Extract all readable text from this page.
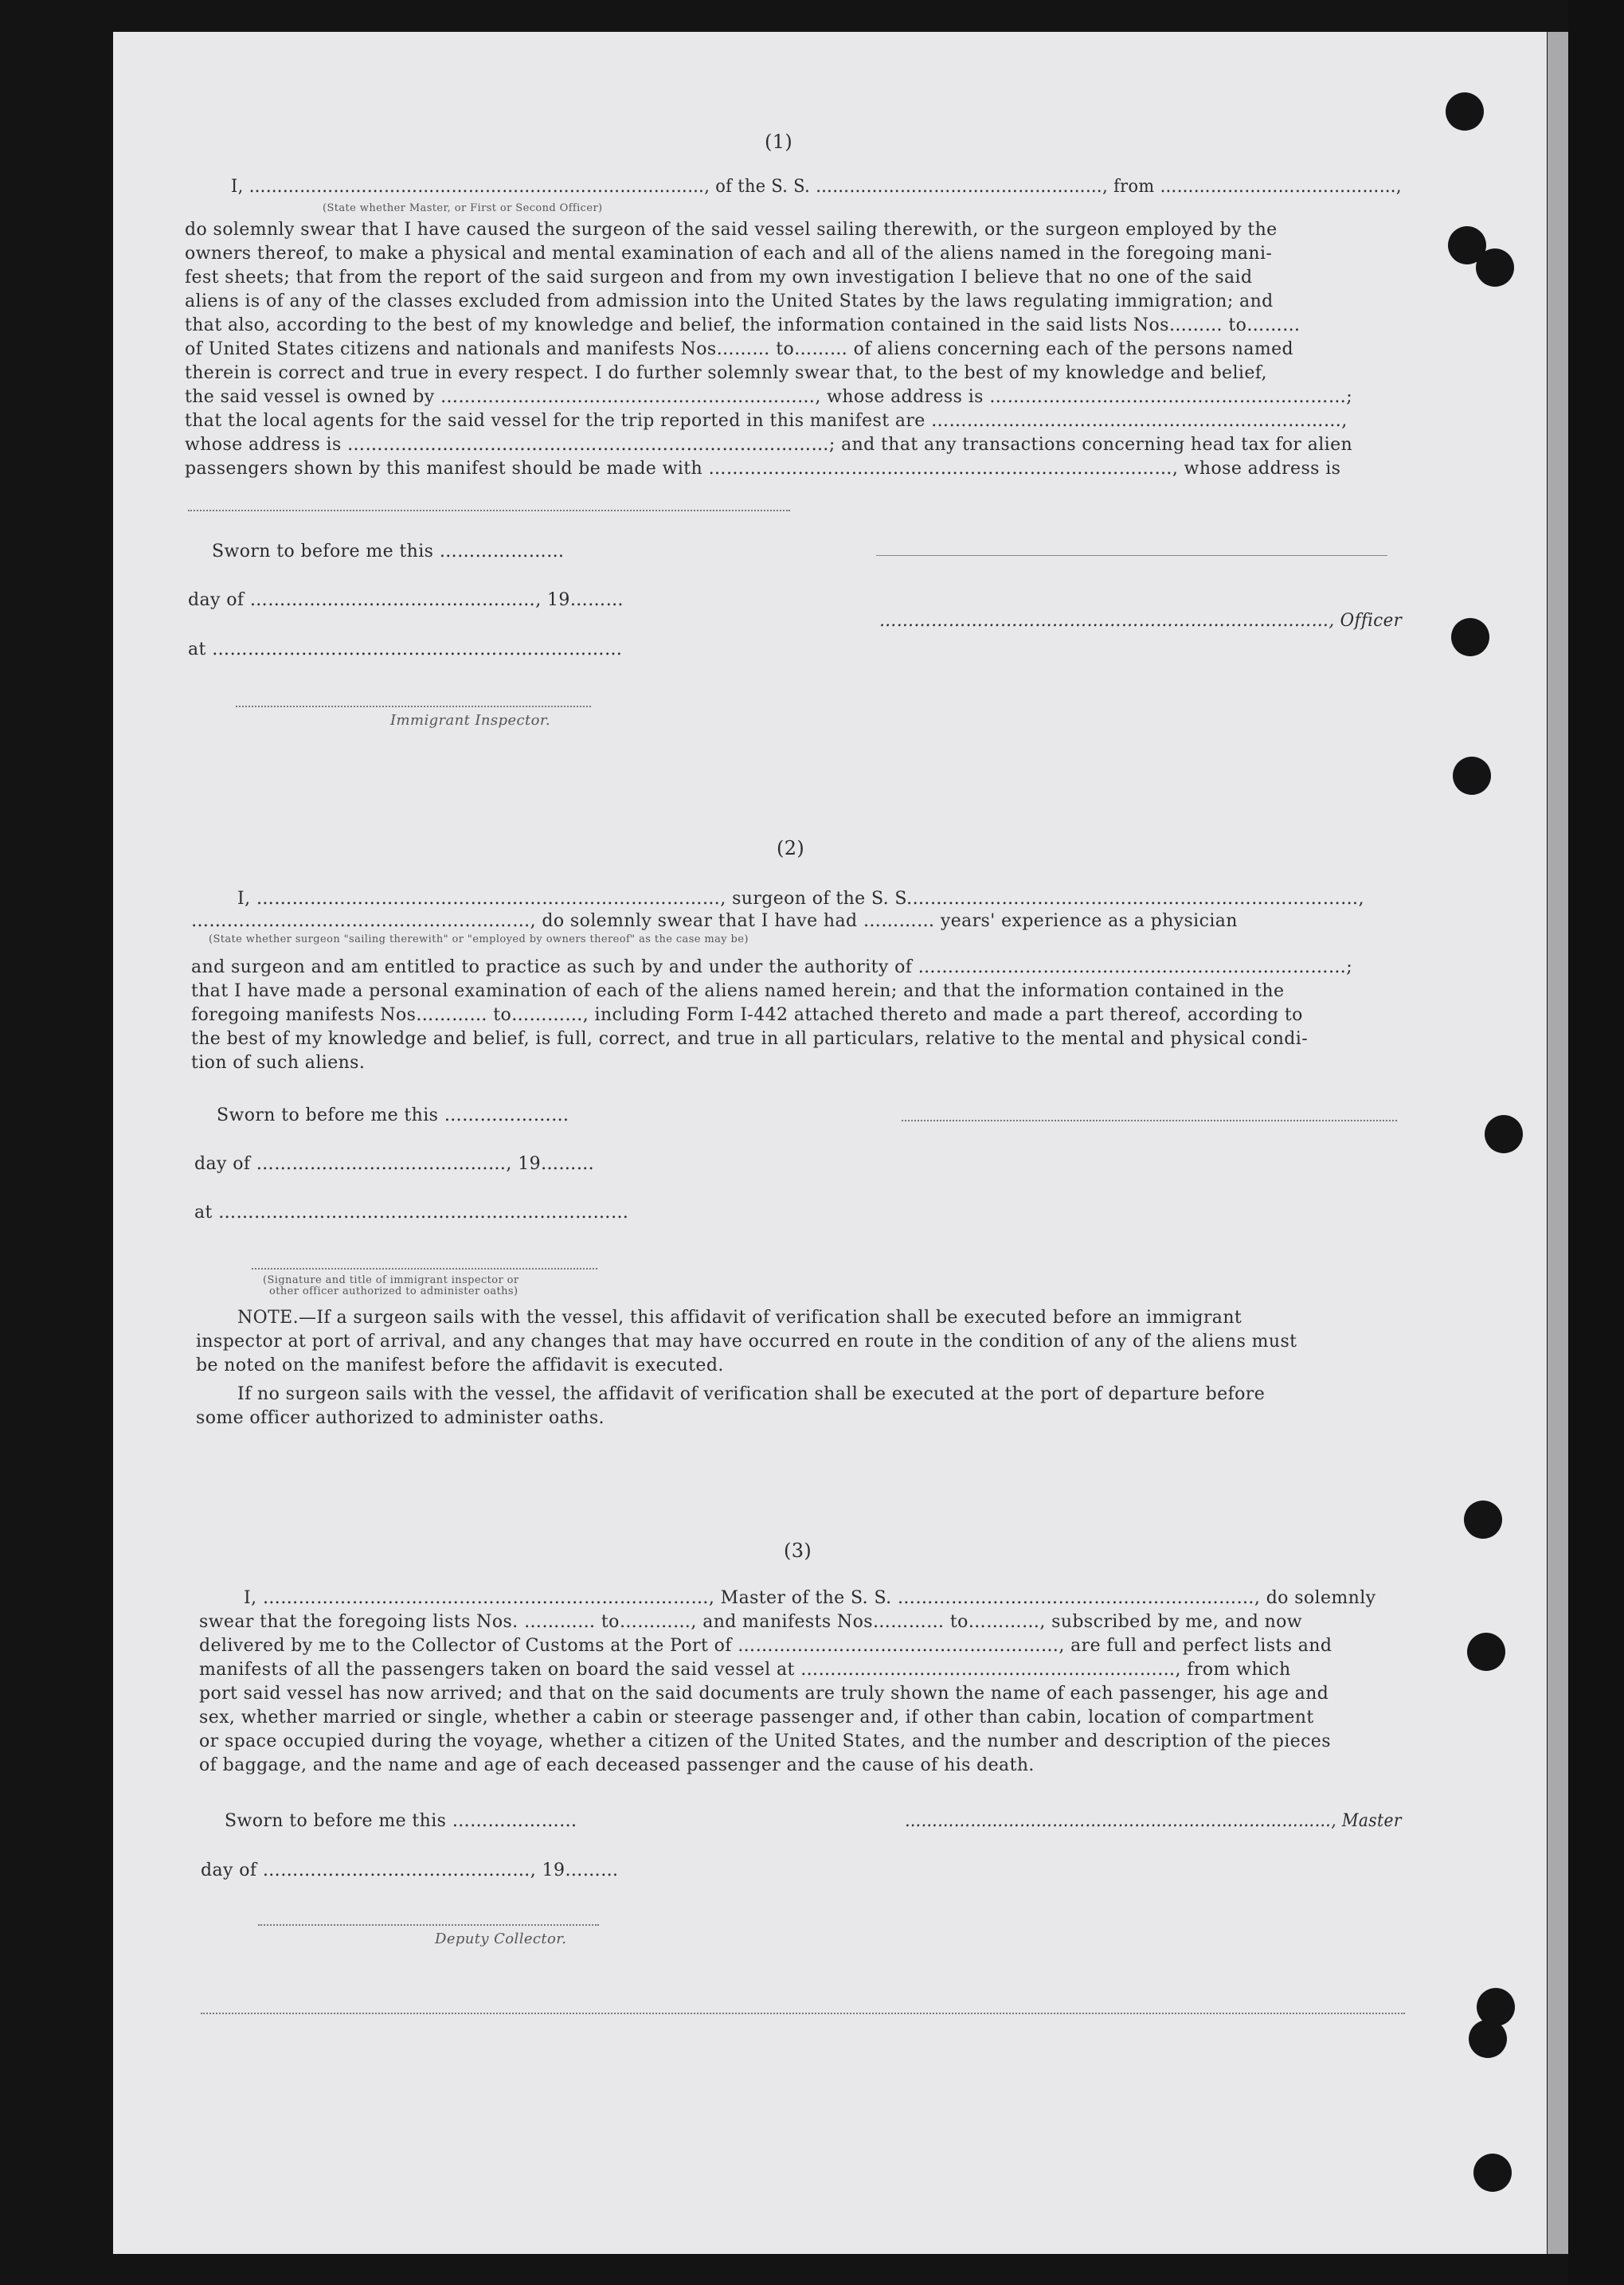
(1)
I, ………………………………………………………………………, of the S. S. ……………………………………………, from ……………………………………,
(State whether Master, or First or Second Officer)
do solemnly swear that I have caused the surgeon of the said vessel sailing therewith, or the surgeon employed by the
owners thereof, to make a physical and mental examination of each and all of the aliens named in the foregoing mani-
fest sheets; that from the report of the said surgeon and from my own investigation I believe that no one of the said
aliens is of any of the classes excluded from admission into the United States by the laws regulating immigration; and
that also, according to the best of my knowledge and belief, the information contained in the said lists Nos……… to………
of United States citizens and nationals and manifests Nos……… to……… of aliens concerning each of the persons named
therein is correct and true in every respect. I do further solemnly swear that, to the best of my knowledge and belief,
the said vessel is owned by ………………………………………………………, whose address is ……………………………………………………;
that the local agents for the said vessel for the trip reported in this manifest are ……………………………………………………………,
whose address is ………………………………………………………………………; and that any transactions concerning head tax for alien
passengers shown by this manifest should be made with ……………………………………………………………………, whose address is
Sworn to before me this …………………
day of …………………………………………, 19………
……………………………………………………………………, Officer
at ……………………………………………………………
Immigrant Inspector.
(2)
I, ……………………………………………………………………, surgeon of the S. S.…………………………………………………………………,
…………………………………………………, do solemnly swear that I have had ………… years' experience as a physician
(State whether surgeon "sailing therewith" or "employed by owners thereof" as the case may be)
and surgeon and am entitled to practice as such by and under the authority of ………………………………………………………………;
that I have made a personal examination of each of the aliens named herein; and that the information contained in the
foregoing manifests Nos………… to…………, including Form I-442 attached thereto and made a part thereof, according to
the best of my knowledge and belief, is full, correct, and true in all particulars, relative to the mental and physical condi-
tion of such aliens.
Sworn to before me this …………………
day of ……………………………………, 19………
at ……………………………………………………………
(Signature and title of immigrant inspector or
other officer authorized to administer oaths)
NOTE.—If a surgeon sails with the vessel, this affidavit of verification shall be executed before an immigrant
inspector at port of arrival, and any changes that may have occurred en route in the condition of any of the aliens must
be noted on the manifest before the affidavit is executed.
If no surgeon sails with the vessel, the affidavit of verification shall be executed at the port of departure before
some officer authorized to administer oaths.
(3)
I, …………………………………………………………………, Master of the S. S. ……………………………………………………, do solemnly
swear that the foregoing lists Nos. ………… to…………, and manifests Nos………… to…………, subscribed by me, and now
delivered by me to the Collector of Customs at the Port of ………………………………………………, are full and perfect lists and
manifests of all the passengers taken on board the said vessel at ………………………………………………………, from which
port said vessel has now arrived; and that on the said documents are truly shown the name of each passenger, his age and
sex, whether married or single, whether a cabin or steerage passenger and, if other than cabin, location of compartment
or space occupied during the voyage, whether a citizen of the United States, and the number and description of the pieces
of baggage, and the name and age of each deceased passenger and the cause of his death.
Sworn to before me this …………………	……………………………………………………………………, Master
day of ………………………………………, 19………
Deputy Collector.
